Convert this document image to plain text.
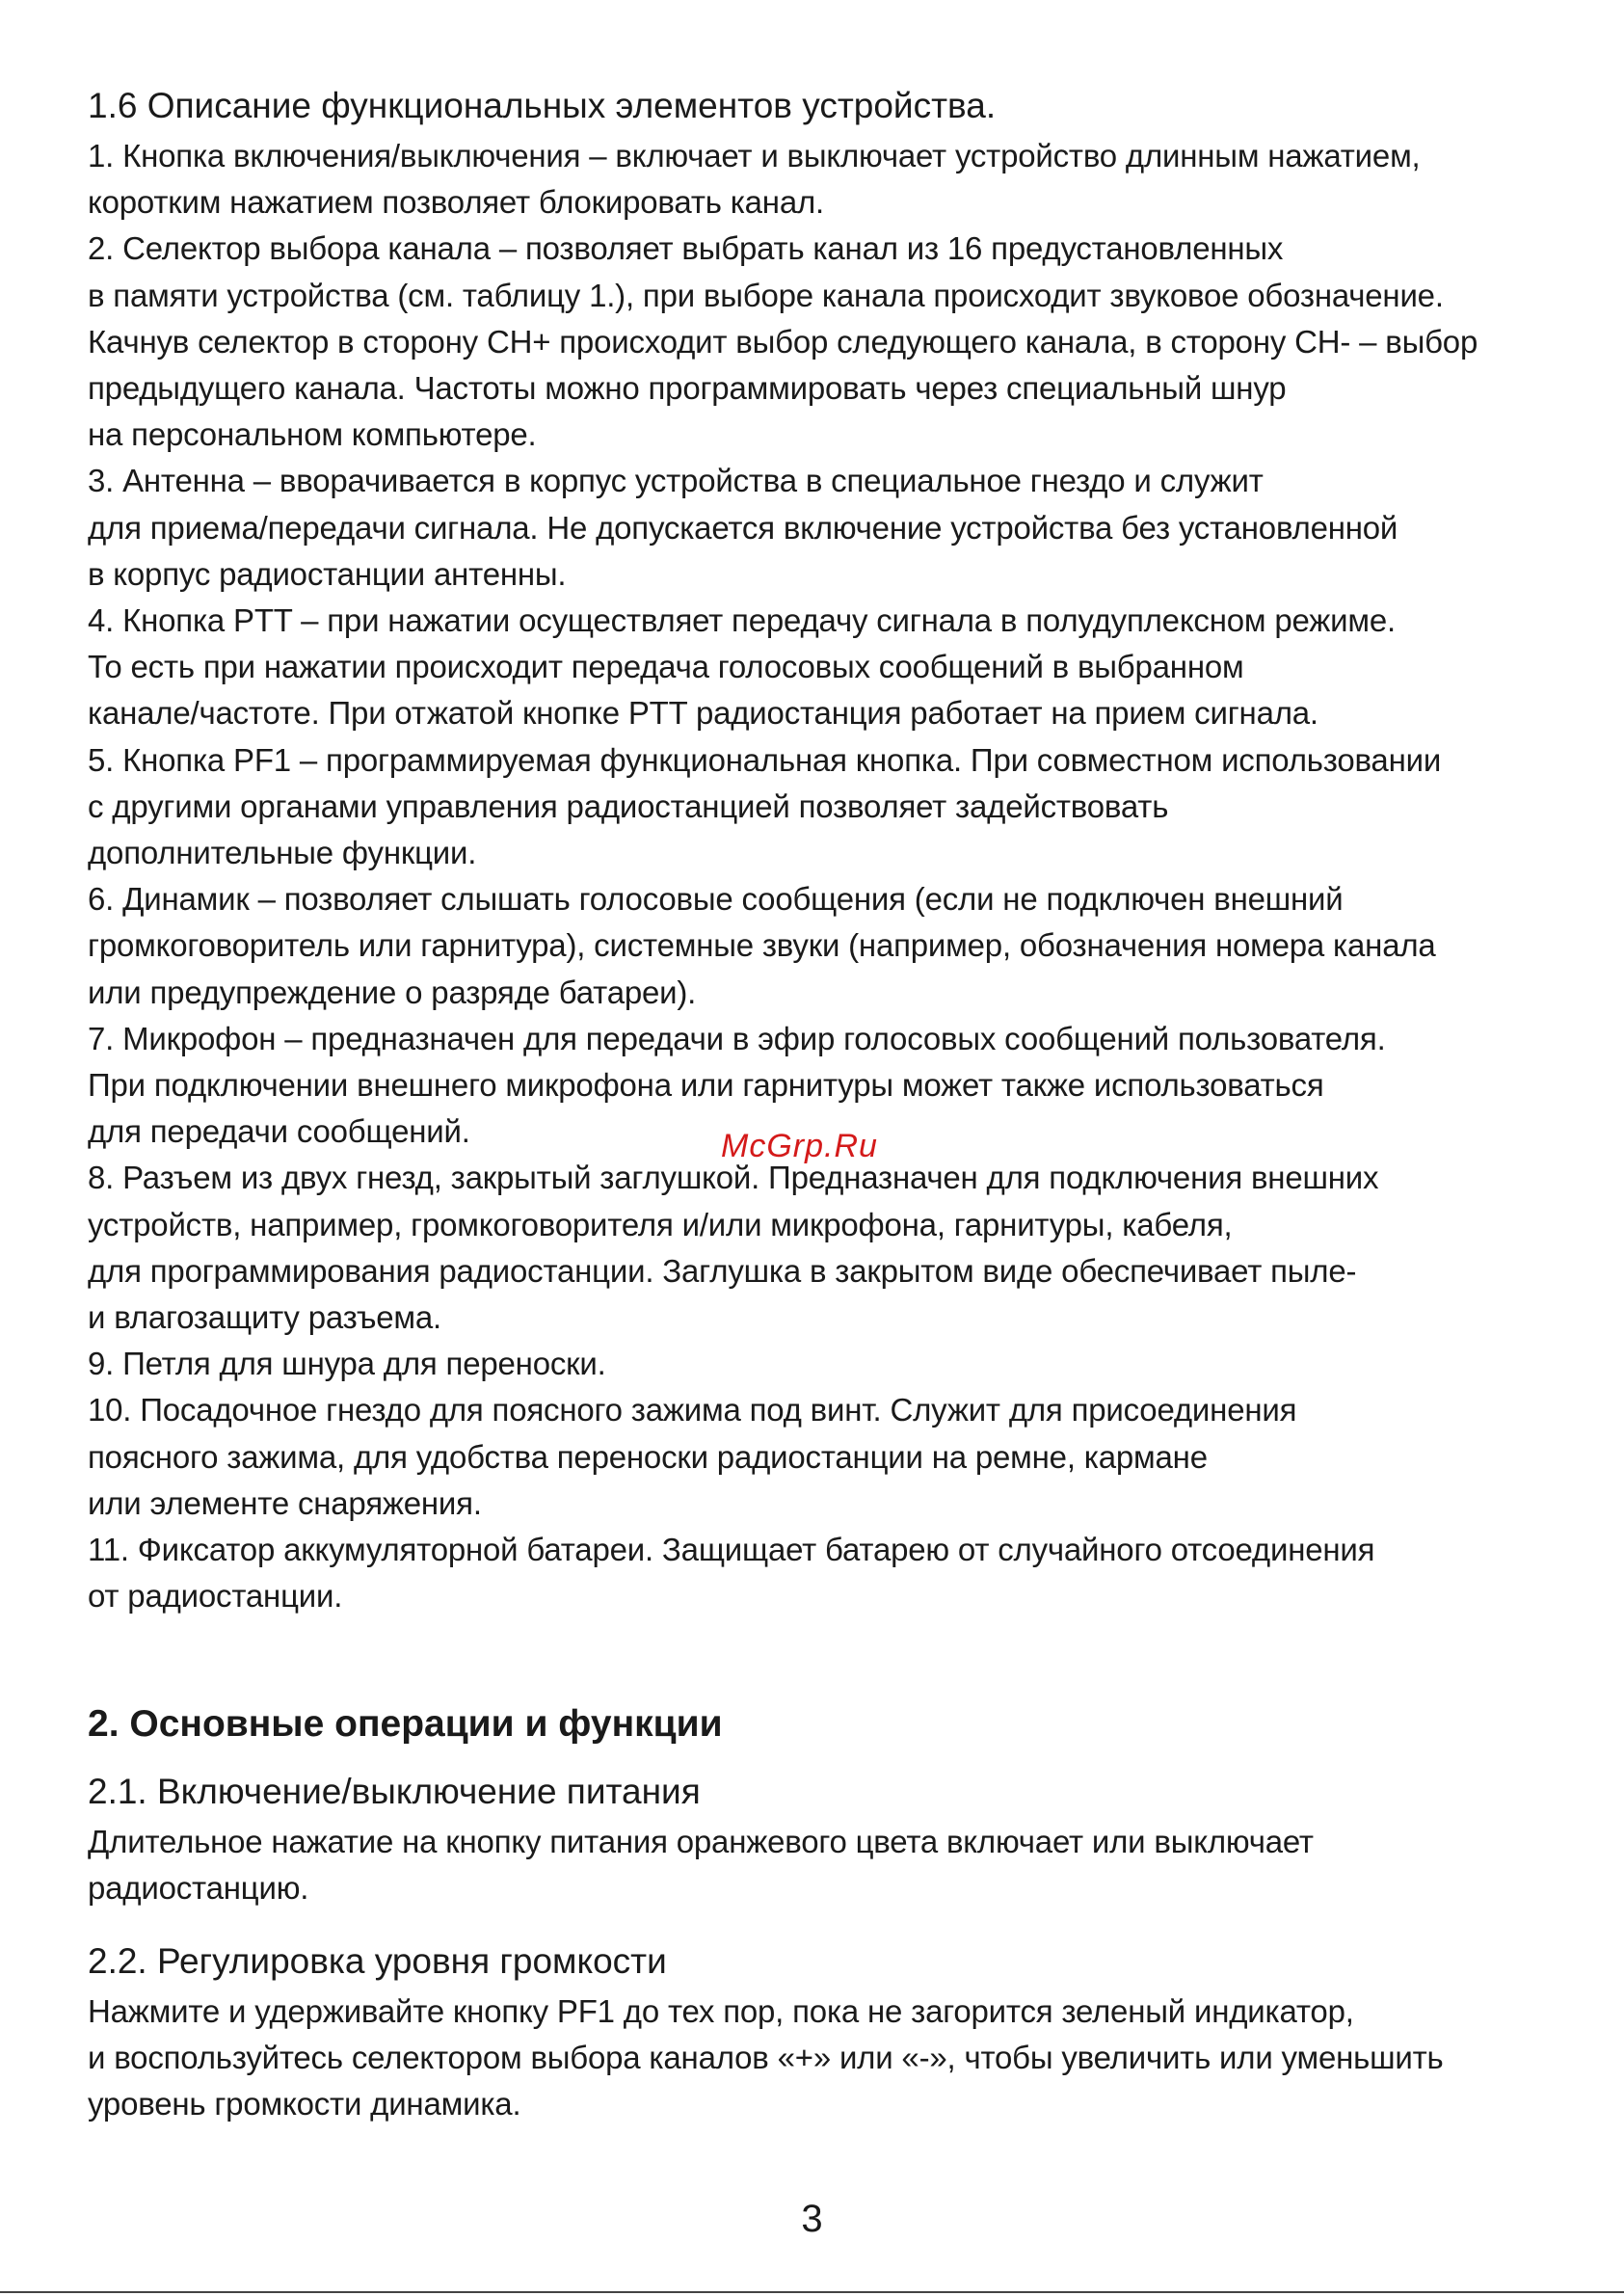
1.6 Описание функциональных элементов устройства.

1. Кнопка включения/выключения – включает и выключает устройство длинным нажатием,
коротким нажатием позволяет блокировать канал.

2. Селектор выбора канала – позволяет выбрать канал из 16 предустановленных
в памяти устройства (см. таблицу 1.), при выборе канала происходит звуковое обозначение.
Качнув селектор в сторону CH+ происходит выбор следующего канала, в сторону CH- – выбор
предыдущего канала. Частоты можно программировать через специальный шнур
на персональном компьютере.

3. Антенна – вворачивается в корпус устройства в специальное гнездо и служит
для приема/передачи сигнала. Не допускается включение устройства без установленной
в корпус радиостанции антенны.

4. Кнопка PTT – при нажатии осуществляет передачу сигнала в полудуплексном режиме.
То есть при нажатии происходит передача голосовых сообщений в выбранном
канале/частоте. При отжатой кнопке PTT радиостанция работает на прием сигнала.

5. Кнопка PF1 – программируемая функциональная кнопка. При совместном использовании
с другими органами управления радиостанцией позволяет задействовать
дополнительные функции.

6. Динамик – позволяет слышать голосовые сообщения (если не подключен внешний
громкоговоритель или гарнитура), системные звуки (например, обозначения номера канала
или предупреждение о разряде батареи).

7. Микрофон – предназначен для передачи в эфир голосовых сообщений пользователя.
При подключении внешнего микрофона или гарнитуры может также использоваться
для передачи сообщений.

8. Разъем из двух гнезд, закрытый заглушкой. Предназначен для подключения внешних
устройств, например, громкоговорителя и/или микрофона, гарнитуры, кабеля,
для программирования радиостанции. Заглушка в закрытом виде обеспечивает пыле-
и влагозащиту разъема.

9. Петля для шнура для переноски.

10. Посадочное гнездо для поясного зажима под винт. Служит для присоединения
поясного зажима, для удобства переноски радиостанции на ремне, кармане
или элементе снаряжения.

11. Фиксатор аккумуляторной батареи. Защищает батарею от случайного отсоединения
от радиостанции.

2. Основные операции и функции
2.1. Включение/выключение питания

Длительное нажатие на кнопку питания оранжевого цвета включает или выключает
радиостанцию.

2.2. Регулировка уровня громкости

Нажмите и удерживайте кнопку PF1 до тех пор, пока не загорится зеленый индикатор,
и воспользуйтесь селектором выбора каналов «+» или «-», чтобы увеличить или уменьшить
уровень громкости динамика.

McGrp.Ru
3
